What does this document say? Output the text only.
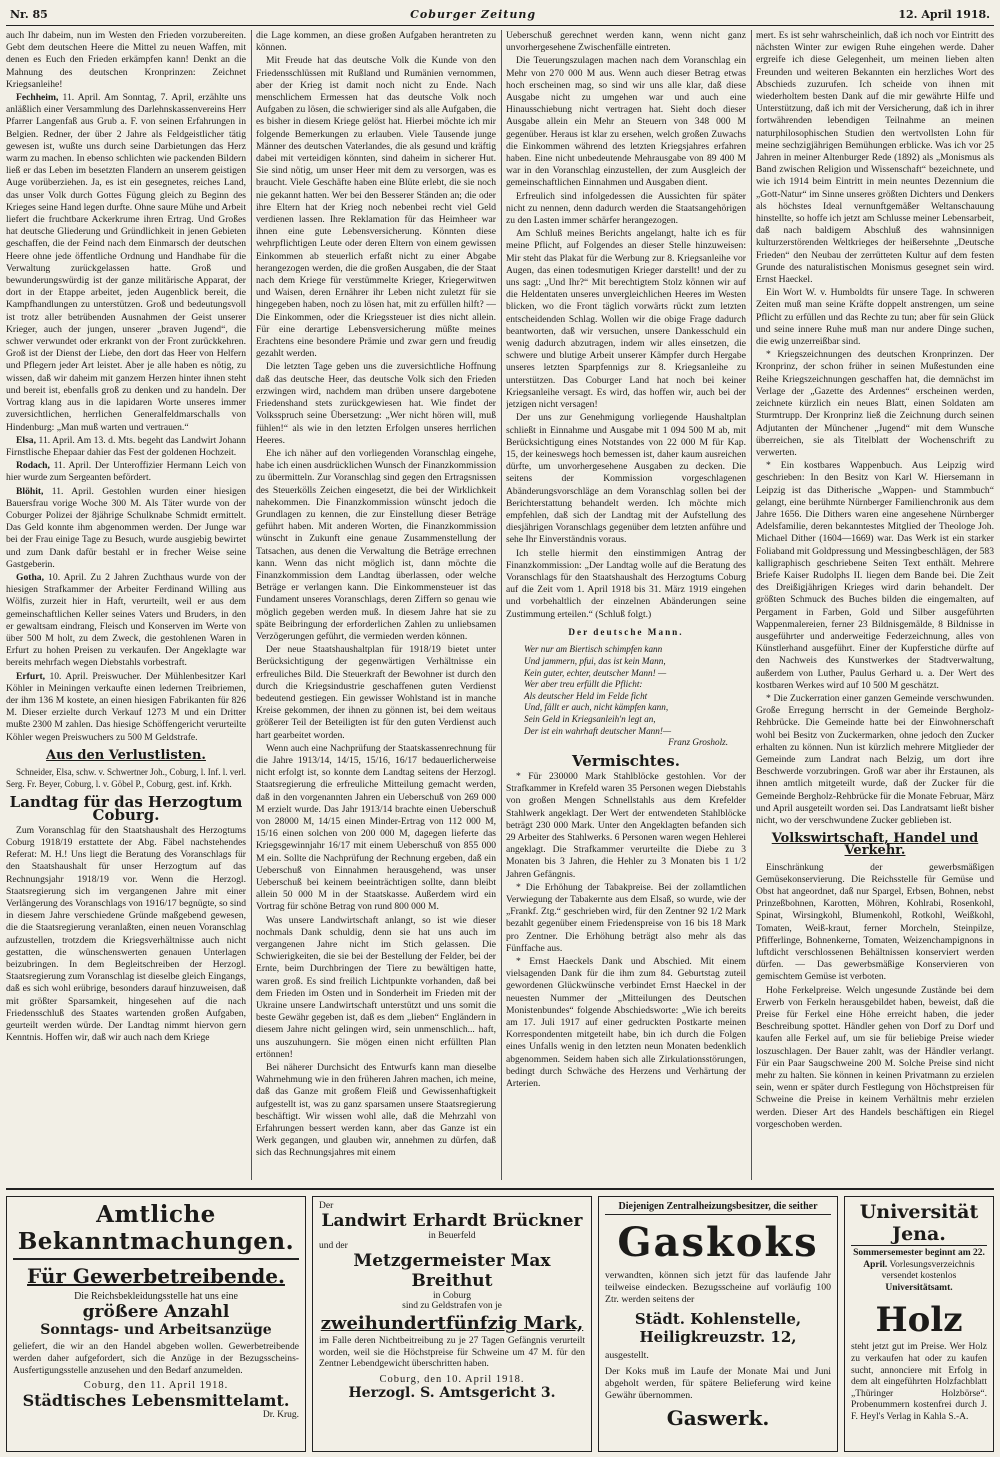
Nr. 85	Coburger Zeitung	12. April 1918.

auch Ihr dabeim, nun im Westen den Frieden vorzubereiten. Gebt dem deutschen Heere die Mittel zu neuen Waffen, mit denen es Euch den Frieden erkämpfen kann! Denkt an die Mahnung des deutschen Kronprinzen: Zeichnet Kriegsanleihe!

Fechheim, 11. April. Am Sonntag, 7. April, erzählte uns anläßlich einer Versammlung des Darlehnskassenvereins Herr Pfarrer Langenfaß aus Grub a. F. von seinen Erfahrungen in Belgien. Redner, der über 2 Jahre als Feldgeistlicher tätig gewesen ist, wußte uns durch seine Darbietungen das Herz warm zu machen. In ebenso schlichten wie packenden Bildern ließ er das Leben im besetzten Flandern an unserem geistigen Auge vorüberziehen. Ja, es ist ein gesegnetes, reiches Land, das unser Volk durch Gottes Fügung gleich zu Beginn des Krieges seine Hand legen durfte. Ohne saure Mühe und Arbeit liefert die fruchtbare Ackerkrume ihren Ertrag. Und Großes hat deutsche Gliederung und Gründlichkeit in jenen Gebieten geschaffen, die der Feind nach dem Einmarsch der deutschen Heere ohne jede öffentliche Ordnung und Handhabe für die Verwaltung zurückgelassen hatte. Groß und bewunderungswürdig ist der ganze militärische Apparat, der dort in der Etappe arbeitet, jeden Augenblick bereit, die Kampfhandlungen zu unterstützen. Groß und bedeutungsvoll ist trotz aller betrübenden Ausnahmen der Geist unserer Krieger, auch der jungen, unserer „braven Jugend“, die schwer verwundet oder erkrankt von der Front zurückkehren. Groß ist der Dienst der Liebe, den dort das Heer von Helfern und Pflegern jeder Art leistet. Aber je alle haben es nötig, zu wissen, daß wir daheim mit ganzem Herzen hinter ihnen steht und bereit ist, ebenfalls groß zu denken und zu handeln. Der Vortrag klang aus in die lapidaren Worte unseres immer zuversichtlichen, herrlichen Generalfeldmarschalls von Hindenburg: „Man muß warten und vertrauen.“

Elsa, 11. April. Am 13. d. Mts. begeht das Landwirt Johann Firnstlische Ehepaar dahier das Fest der goldenen Hochzeit.

Rodach, 11. April. Der Unteroffizier Hermann Leich von hier wurde zum Sergeanten befördert.

Blöhit, 11. April. Gestohlen wurden einer hiesigen Bauersfrau vorige Woche 300 M. Als Täter wurde von der Coburger Polizei der 8jährige Schulknabe Schmidt ermittelt. Das Geld konnte ihm abgenommen werden. Der Junge war bei der Frau einige Tage zu Besuch, wurde ausgiebig bewirtet und zum Dank dafür bestahl er in frecher Weise seine Gastgeberin.

Gotha, 10. April. Zu 2 Jahren Zuchthaus wurde von der hiesigen Strafkammer der Arbeiter Ferdinand Willing aus Wölfis, zurzeit hier in Haft, verurteilt, weil er aus dem gemeinschaftlichen Keller seines Vaters und Bruders, in den er gewaltsam eindrang, Fleisch und Konserven im Werte von über 500 M holt, zu dem Zweck, die gestohlenen Waren in Erfurt zu hohen Preisen zu verkaufen. Der Angeklagte war bereits mehrfach wegen Diebstahls vorbestraft.

Erfurt, 10. April. Preiswucher. Der Mühlenbesitzer Karl Köhler in Meiningen verkaufte einen ledernen Treibriemen, der ihm 136 M kostete, an einen hiesigen Fabrikanten für 826 M. Dieser erzielte durch Verkauf 1273 M und ein Dritter mußte 2300 M zahlen. Das hiesige Schöffengericht verurteilte Köhler wegen Preiswuchers zu 500 M Geldstrafe.

Aus den Verlustlisten.

Schneider, Elsa, schw. v. Schwertner Joh., Coburg, l. Inf. l. verl. Serg. Fr. Beyer, Coburg, l. v. Göbel P., Coburg, gest. inf. Krkh.

Landtag für das Herzogtum Coburg.

Zum Voranschlag für den Staatshaushalt des Herzogtums Coburg 1918/19 erstattete der Abg. Fäbel nachstehendes Referat: M. H.! Uns liegt die Beratung des Voranschlags für den Staatshaushalt für unser Herzogtum auf das Rechnungsjahr 1918/19 vor. Wenn die Herzogl. Staatsregierung sich im vergangenen Jahre mit einer Verlängerung des Voranschlags von 1916/17 begnügte, so sind in diesem Jahre verschiedene Gründe maßgebend gewesen, die die Staatsregierung veranlaßten, einen neuen Voranschlag aufzustellen, trotzdem die Kriegsverhältnisse auch nicht gestatten, die wünschenswerten genauen Unterlagen beizubringen. In dem Begleitschreiben der Herzogl. Staatsregierung zum Voranschlag ist dieselbe gleich Eingangs, daß es sich wohl erübrige, besonders darauf hinzuweisen, daß mit größter Sparsamkeit, hingesehen auf die nach Friedensschluß des Staates wartenden großen Aufgaben, geurteilt werden würde. Der Landtag nimmt hiervon gern Kenntnis. Hoffen wir, daß wir auch nach dem Kriege

die Lage kommen, an diese großen Aufgaben herantreten zu können.

Mit Freude hat das deutsche Volk die Kunde von den Friedensschlüssen mit Rußland und Rumänien vernommen, aber der Krieg ist damit noch nicht zu Ende. Nach menschlichem Ermessen hat das deutsche Volk noch Aufgaben zu lösen, die schwieriger sind als alle Aufgaben, die es bisher in diesem Kriege gelöst hat. Hierbei möchte ich mir folgende Bemerkungen zu erlauben. Viele Tausende junge Männer des deutschen Vaterlandes, die als gesund und kräftig dabei mit verteidigen könnten, sind daheim in sicherer Hut. Sie sind nötig, um unser Heer mit dem zu versorgen, was es braucht. Viele Geschäfte haben eine Blüte erlebt, die sie noch nie gekannt hatten. Wer bei den Besserer Ständen an; die oder ihre Eltern hat der Krieg noch nebenbei recht viel Geld verdienen lassen. Ihre Reklamation für das Heimheer war ihnen eine gute Lebensversicherung. Könnten diese wehrpflichtigen Leute oder deren Eltern von einem gewissen Einkommen ab steuerlich erfaßt nicht zu einer Abgabe herangezogen werden, die die großen Ausgaben, die der Staat nach dem Kriege für verstümmelte Krieger, Kriegerwitwen und Waisen, deren Ernährer ihr Leben nicht zuletzt für sie hingegeben haben, noch zu lösen hat, mit zu erfüllen hilft? — Die Einkommen, oder die Kriegssteuer ist dies nicht allein. Für eine derartige Lebensversicherung müßte meines Erachtens eine besondere Prämie und zwar gern und freudig gezahlt werden.

Die letzten Tage geben uns die zuversichtliche Hoffnung daß das deutsche Heer, das deutsche Volk sich den Frieden erzwingen wird, nachdem man drüben unsere dargebotene Friedenshand stets zurückgewiesen hat. Wie findet der Volksspruch seine Übersetzung: „Wer nicht hören will, muß fühlen!“ als wie in den letzten Erfolgen unseres herrlichen Heeres.

Ehe ich näher auf den vorliegenden Voranschlag eingehe, habe ich einen ausdrücklichen Wunsch der Finanzkommission zu übermitteln. Zur Voranschlag sind gegen den Ertragsnissen des Steuerkölls Zeichen eingesetzt, die bei der Wirklichkeit nahekommen. Die Finanzkommission wünscht jedoch die Grundlagen zu kennen, die zur Einstellung dieser Beträge geführt haben. Mit anderen Worten, die Finanzkommission wünscht in Zukunft eine genaue Zusammenstellung der Tatsachen, aus denen die Verwaltung die Beträge errechnen kann. Wenn das nicht möglich ist, dann möchte die Finanzkommission dem Landtag überlassen, oder welche Beträge er verlangen kann. Die Einkommensteuer ist das Fundament unseres Voranschlags, deren Ziffern so genau wie möglich gegeben werden muß. In diesem Jahre hat sie zu späte Beibringung der erforderlichen Zahlen zu unliebsamen Verzögerungen geführt, die vermieden werden können.

Der neue Staatshaushaltplan für 1918/19 bietet unter Berücksichtigung der gegenwärtigen Verhältnisse ein erfreuliches Bild. Die Steuerkraft der Bewohner ist durch den durch die Kriegsindustrie geschaffenen guten Verdienst bedeutend gestiegen. Ein gewisser Wohlstand ist in manche Kreise gekommen, der ihnen zu gönnen ist, bei dem weitaus größerer Teil der Beteiligten ist für den guten Verdienst auch hart gearbeitet worden.

Wenn auch eine Nachprüfung der Staatskassenrechnung für die Jahre 1913/14, 14/15, 15/16, 16/17 bedauerlicherweise nicht erfolgt ist, so konnte dem Landtag seitens der Herzogl. Staatsregierung die erfreuliche Mitteilung gemacht werden, daß in den vorgenannten Jahren ein Ueberschuß von 269 000 M erzielt wurde. Das Jahr 1913/14 brachte einen Ueberschuß von 28000 M, 14/15 einen Minder-Ertrag von 112 000 M, 15/16 einen solchen von 200 000 M, dagegen lieferte das Kriegsgewinnjahr 16/17 mit einem Ueberschuß von 855 000 M ein. Sollte die Nachprüfung der Rechnung ergeben, daß ein Ueberschuß von Einnahmen herausgehend, was unser Ueberschuß bei keinem beeinträchtigen sollte, dann bleibt allein 50 000 M in der Staatskasse. Außerdem wird ein Vortrag für schöne Betrag von rund 800 000 M.

Was unsere Landwirtschaft anlangt, so ist wie dieser nochmals Dank schuldig, denn sie hat uns auch im vergangenen Jahre nicht im Stich gelassen. Die Schwierigkeiten, die sie bei der Bestellung der Felder, bei der Ernte, beim Durchbringen der Tiere zu bewältigen hatte, waren groß. Es sind freilich Lichtpunkte vorhanden, daß bei dem Frieden im Osten und in Sonderheit im Frieden mit der Ukraine unsere Landwirtschaft unterstützt und uns somit die beste Gewähr gegeben ist, daß es dem „lieben“ Engländern in diesem Jahre nicht gelingen wird, sein unmenschlich... haft, uns auszuhungern. Sie mögen einen nicht erfüllten Plan ertönnen!

Bei näherer Durchsicht des Entwurfs kann man dieselbe Wahrnehmung wie in den früheren Jahren machen, ich meine, daß das Ganze mit großem Fleiß und Gewissenhaftigkeit aufgestellt ist, was zu ganz sparsamen unsere Staatsregierung beschäftigt. Wir wissen wohl alle, daß die Mehrzahl von Erfahrungen bessert werden kann, aber das Ganze ist ein Werk gegangen, und glauben wir, annehmen zu dürfen, daß sich das Rechnungsjahres mit einem

Ueberschuß gerechnet werden kann, wenn nicht ganz unvorhergesehene Zwischenfälle eintreten.

Die Teuerungszulagen machen nach dem Voranschlag ein Mehr von 270 000 M aus. Wenn auch dieser Betrag etwas hoch erscheinen mag, so sind wir uns alle klar, daß diese Ausgabe nicht zu umgehen war und auch eine Hinausschiebung nicht vertragen hat. Sieht doch dieser Ausgabe allein ein Mehr an Steuern von 348 000 M gegenüber. Heraus ist klar zu ersehen, welch großen Zuwachs die Einkommen während des letzten Kriegsjahres erfahren haben. Eine nicht unbedeutende Mehrausgabe von 89 400 M war in den Voranschlag einzustellen, der zum Ausgleich der gemeinschaftlichen Einnahmen und Ausgaben dient.

Erfreulich sind infolgedessen die Aussichten für später nicht zu nennen, denn dadurch werden die Staatsangehörigen zu den Lasten immer schärfer herangezogen.

Am Schluß meines Berichts angelangt, halte ich es für meine Pflicht, auf Folgendes an dieser Stelle hinzuweisen: Mir steht das Plakat für die Werbung zur 8. Kriegsanleihe vor Augen, das einen todesmutigen Krieger darstellt! und der zu uns sagt: „Und Ihr?“ Mit berechtigtem Stolz können wir auf die Heldentaten unseres unvergleichlichen Heeres im Westen blicken, wo die Front täglich vorwärts rückt zum letzten entscheidenden Schlag. Wollen wir die obige Frage dadurch beantworten, daß wir versuchen, unsere Dankesschuld ein wenig dadurch abzutragen, indem wir alles einsetzen, die schwere und blutige Arbeit unserer Kämpfer durch Hergabe unseres letzten Sparpfennigs zur 8. Kriegsanleihe zu unterstützen. Das Coburger Land hat noch bei keiner Kriegsanleihe versagt. Es wird, das hoffen wir, auch bei der jetzigen nicht versagen!

Der uns zur Genehmigung vorliegende Haushaltplan schließt in Einnahme und Ausgabe mit 1 094 500 M ab, mit Berücksichtigung eines Notstandes von 22 000 M für Kap. 15, der keineswegs hoch bemessen ist, daher kaum ausreichen dürfte, um unvorhergesehene Ausgaben zu decken. Die seitens der Kommission vorgeschlagenen Abänderungsvorschläge an dem Voranschlag sollen bei der Berichterstattung behandelt werden. Ich möchte mich empfehlen, daß sich der Landtag mit der Aufstellung des diesjährigen Voranschlags gegenüber dem letzten anführe und sehe Ihr Einverständnis voraus.

Ich stelle hiermit den einstimmigen Antrag der Finanzkommission: „Der Landtag wolle auf die Beratung des Voranschlags für den Staatshaushalt des Herzogtums Coburg auf die Zeit vom 1. April 1918 bis 31. März 1919 eingehen und vorbehaltlich der einzelnen Abänderungen seine Zustimmung erteilen.“ (Schluß folgt.)

Der deutsche Mann.
Wer nur am Biertisch schimpfen kann
Und jammern, pfui, das ist kein Mann,
Kein guter, echter, deutscher Mann! —
Wer aber treu erfüllt die Pflicht:
Als deutscher Held im Felde ficht
Und, fällt er auch, nicht kämpfen kann,
Sein Geld in Kriegsanleih'n legt an,
Der ist ein wahrhaft deutscher Mann!—
Franz Grosholz.
Vermischtes.

* Für 230000 Mark Stahlblöcke gestohlen. Vor der Strafkammer in Krefeld waren 35 Personen wegen Diebstahls von großen Mengen Schnellstahls aus dem Krefelder Stahlwerk angeklagt. Der Wert der entwendeten Stahlblöcke beträgt 230 000 Mark. Unter den Angeklagten befanden sich 29 Arbeiter des Stahlwerks. 6 Personen waren wegen Hehlerei angeklagt. Die Strafkammer verurteilte die Diebe zu 3 Monaten bis 3 Jahren, die Hehler zu 3 Monaten bis 1 1/2 Jahren Gefängnis.

* Die Erhöhung der Tabakpreise. Bei der zollamtlichen Verwiegung der Tabakernte aus dem Elsaß, so wurde, wie der „Frankf. Ztg.“ geschrieben wird, für den Zentner 92 1/2 Mark bezahlt gegenüber einem Friedenspreise von 16 bis 18 Mark pro Zentner. Die Erhöhung beträgt also mehr als das Fünffache aus.

* Ernst Haeckels Dank und Abschied. Mit einem vielsagenden Dank für die ihm zum 84. Geburtstag zuteil gewordenen Glückwünsche verbindet Ernst Haeckel in der neuesten Nummer der „Mitteilungen des Deutschen Monistenbundes“ folgende Abschiedsworte: „Wie ich bereits am 17. Juli 1917 auf einer gedruckten Postkarte meinen Korrespondenten mitgeteilt habe, bin ich durch die Folgen eines Unfalls wenig in den letzten neun Monaten bedenklich abgenommen. Seidem haben sich alle Zirkulationsstörungen, bedingt durch Schwäche des Herzens und Verhärtung der Arterien.

mert. Es ist sehr wahrscheinlich, daß ich noch vor Eintritt des nächsten Winter zur ewigen Ruhe eingehen werde. Daher ergreife ich diese Gelegenheit, um meinen lieben alten Freunden und weiteren Bekannten ein herzliches Wort des Abschieds zuzurufen. Ich scheide von ihnen mit wiederholtem besten Dank auf die mir gewährte Hilfe und Unterstützung, daß ich mit der Versicherung, daß ich in ihrer fortwährenden lebendigen Teilnahme an meinen naturphilosophischen Studien den wertvollsten Lohn für meine sechzigjährigen Bemühungen erblicke. Was ich vor 25 Jahren in meiner Altenburger Rede (1892) als „Monismus als Band zwischen Religion und Wissenschaft“ bezeichnete, und wie ich 1914 beim Eintritt in mein neuntes Dezennium die „Gott-Natur“ im Sinne unseres größten Dichters und Denkers als höchstes Ideal vernunftgemäßer Weltanschauung hinstellte, so hoffe ich jetzt am Schlusse meiner Lebensarbeit, daß nach baldigem Abschluß des wahnsinnigen kulturzerstörenden Weltkrieges der heißersehnte „Deutsche Frieden“ den Neubau der zerrütteten Kultur auf dem festen Grunde des naturalistischen Monismus gesegnet sein wird. Ernst Haeckel.

Ein Wort W. v. Humboldts für unsere Tage. In schweren Zeiten muß man seine Kräfte doppelt anstrengen, um seine Pflicht zu erfüllen und das Rechte zu tun; aber für sein Glück und seine innere Ruhe muß man nur andere Dinge suchen, die ewig unzerreißbar sind.

* Kriegszeichnungen des deutschen Kronprinzen. Der Kronprinz, der schon früher in seinen Mußestunden eine Reihe Kriegszeichnungen geschaffen hat, die demnächst im Verlage der „Gazette des Ardennes“ erscheinen werden, zeichnete kürzlich ein neues Blatt, einen Soldaten am Sturmtrupp. Der Kronprinz ließ die Zeichnung durch seinen Adjutanten der Münchener „Jugend“ mit dem Wunsche überreichen, sie als Titelblatt der Wochenschrift zu verwerten.

* Ein kostbares Wappenbuch. Aus Leipzig wird geschrieben: In den Besitz von Karl W. Hiersemann in Leipzig ist das Ditherische „Wappen- und Stammbuch“ gelangt, eine berühmte Nürnberger Familienchronik aus dem Jahre 1656. Die Dithers waren eine angesehene Nürnberger Adelsfamilie, deren bekanntestes Mitglied der Theologe Joh. Michael Dither (1604—1669) war. Das Werk ist ein starker Foliaband mit Goldpressung und Messingbeschlägen, der 583 kalligraphisch geschriebene Seiten Text enthält. Mehrere Briefe Kaiser Rudolphs II. liegen dem Bande bei. Die Zeit des Dreißigjährigen Krieges wird darin behandelt. Der größten Schmuck des Buches bilden die eingemalten, auf Pergament in Farben, Gold und Silber ausgeführten Wappenmalereien, ferner 23 Bildnisgemälde, 8 Bildnisse in ausgeführter und anderweitige Federzeichnung, alles von Künstlerhand ausgeführt. Einer der Kupferstiche dürfte auf den Nachweis des Kunstwerkes der Stadtverwaltung, außerdem von Luther, Paulus Gerhard u. a. Der Wert des kostbaren Werkes wird auf 10 500 M geschätzt.

* Die Zuckerration einer ganzen Gemeinde verschwunden. Große Erregung herrscht in der Gemeinde Bergholz-Rehbrücke. Die Gemeinde hatte bei der Einwohnerschaft wohl bei Besitz von Zuckermarken, ohne jedoch den Zucker erhalten zu können. Nun ist kürzlich mehrere Mitglieder der Gemeinde zum Landrat nach Belzig, um dort ihre Beschwerde vorzubringen. Groß war aber ihr Erstaunen, als ihnen amtlich mitgeteilt wurde, daß der Zucker für die Gemeinde Bergholz-Rehbrücke für die Monate Februar, März und April ausgeteilt worden sei. Das Landratsamt ließt bisher nicht, wo der verschwundene Zucker geblieben ist.

Volkswirtschaft, Handel und Verkehr.

Einschränkung der gewerbsmäßigen Gemüsekonservierung. Die Reichsstelle für Gemüse und Obst hat angeordnet, daß nur Spargel, Erbsen, Bohnen, nebst Prinzeßbohnen, Karotten, Möhren, Kohlrabi, Rosenkohl, Spinat, Wirsingkohl, Blumenkohl, Rotkohl, Weißkohl, Tomaten, Weiß-kraut, ferner Morcheln, Steinpilze, Pfifferlinge, Bohnenkerne, Tomaten, Weizenchampignons in luftdicht verschlossenen Behältnissen konserviert werden dürfen. — Das gewerbsmäßige Konservieren von gemischtem Gemüse ist verboten.

Hohe Ferkelpreise. Welch ungesunde Zustände bei dem Erwerb von Ferkeln herausgebildet haben, beweist, daß die Preise für Ferkel eine Höhe erreicht haben, die jeder Beschreibung spottet. Händler gehen von Dorf zu Dorf und kaufen alle Ferkel auf, um sie für beliebige Preise wieder loszuschlagen. Der Bauer zahlt, was der Händler verlangt. Für ein Paar Saugschweine 200 M. Solche Preise sind nicht mehr zu halten. Sie können in keinen Privatmann zu erzielen sein, wenn er später durch Festlegung von Höchstpreisen für Schweine die Preise in keinem Verhältnis mehr erzielen werden. Dieser Art des Handels beschäftigen ein Riegel vorgeschoben werden.

Amtliche Bekanntmachungen.
Für Gewerbetreibende.
Die Reichsbekleidungsstelle hat uns eine
größere Anzahl
Sonntags- und Arbeitsanzüge
geliefert, die wir an den Handel abgeben wollen. Gewerbetreibende werden daher aufgefordert, sich die Anzüge in der Bezugsscheins-Ausfertigungsstelle anzusehen und den Bedarf anzumelden.
Coburg, den 11. April 1918.
Städtisches Lebensmittelamt.
Dr. Krug.
Der
Landwirt Erhardt Brückner
in Beuerfeld
und der
Metzgermeister Max Breithut
in Coburg
sind zu Geldstrafen von je
zweihundertfünfzig Mark,
im Falle deren Nichtbeitreibung zu je 27 Tagen Gefängnis verurteilt worden, weil sie die Höchstpreise für Schweine um 47 M. für den Zentner Lebendgewicht überschritten haben.
Coburg, den 10. April 1918.
Herzogl. S. Amtsgericht 3.
Diejenigen Zentralheizungsbesitzer, die seither
Gaskoks
verwandten, können sich jetzt für das laufende Jahr teilweise eindecken. Bezugsscheine auf vorläufig 100 Ztr. werden seitens der
Städt. Kohlenstelle, Heiligkreuzstr. 12,
ausgestellt.
Der Koks muß im Laufe der Monate Mai und Juni abgeholt werden, für spätere Belieferung wird keine Gewähr übernommen.
Gaswerk.
Universität Jena.
Sommersemester beginnt am 22. April. Vorlesungsverzeichnis versendet kostenlos Universitätsamt.
Holz
steht jetzt gut im Preise. Wer Holz zu verkaufen hat oder zu kaufen sucht, annonciere mit Erfolg in dem alt eingeführten Holzfachblatt „Thüringer Holzbörse“. Probenummern kostenfrei durch J. F. Heyl's Verlag in Kahla S.-A.
